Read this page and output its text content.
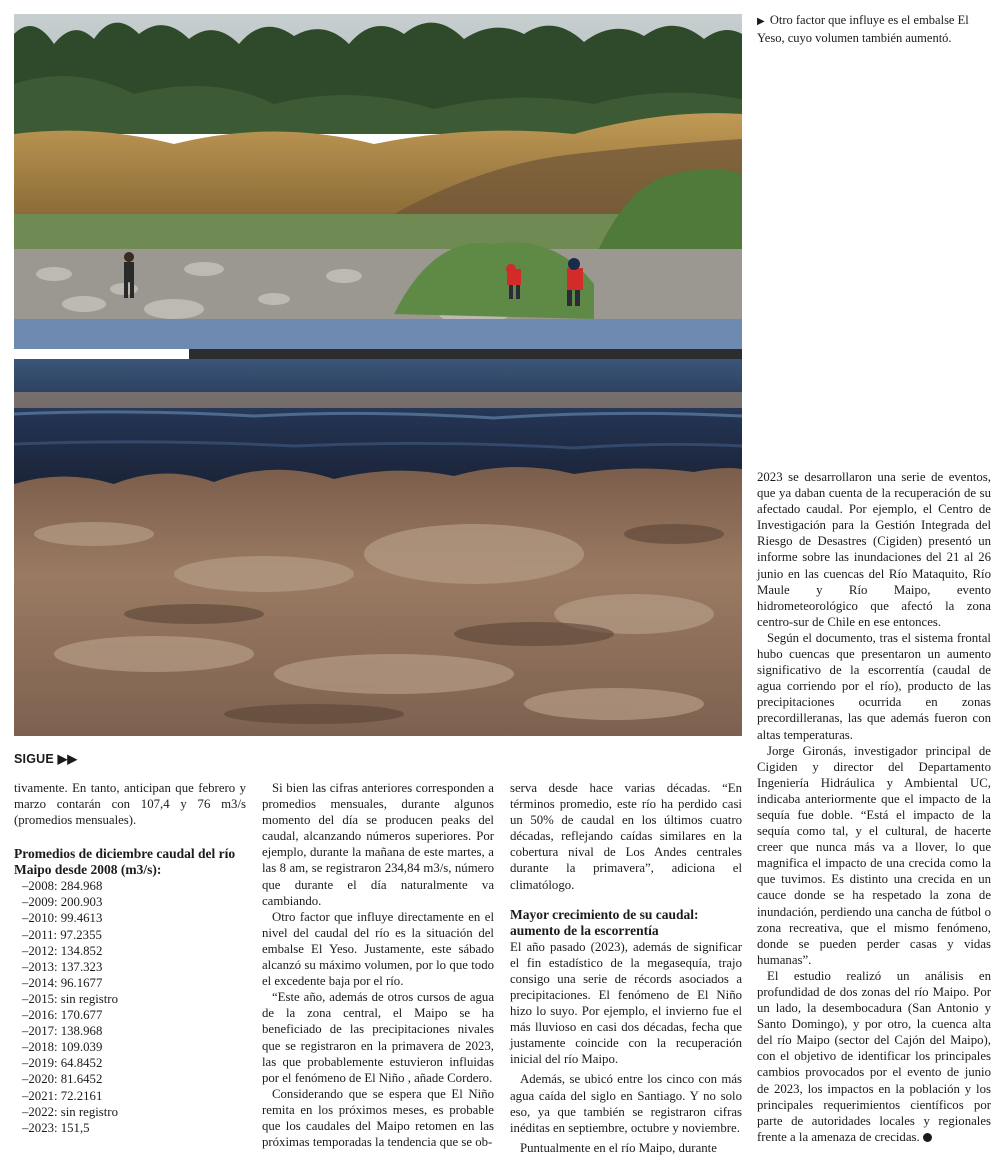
▶ Otro factor que influye es el embalse El Yeso, cuyo volumen también aumentó.
SIGUE ▶▶

tivamente. En tanto, anticipan que febrero y marzo contarán con 107,4 y 76 m3/s (promedios mensuales).

Promedios de diciembre caudal del río Maipo desde 2008 (m3/s):
–2008: 284.968
–2009: 200.903
–2010: 99.4613
–2011: 97.2355
–2012: 134.852
–2013: 137.323
–2014: 96.1677
–2015: sin registro
–2016: 170.677
–2017: 138.968
–2018: 109.039
–2019: 64.8452
–2020: 81.6452
–2021: 72.2161
–2022: sin registro
–2023: 151,5

Si bien las cifras anteriores corresponden a promedios mensuales, durante algunos momento del día se producen peaks del caudal, alcanzando números superiores. Por ejemplo, durante la mañana de este martes, a las 8 am, se registraron 234,84 m3/s, número que durante el día naturalmente va cambiando.

Otro factor que influye directamente en el nivel del caudal del río es la situación del embalse El Yeso. Justamente, este sábado alcanzó su máximo volumen, por lo que todo el excedente baja por el río.

“Este año, además de otros cursos de agua de la zona central, el Maipo se ha beneficiado de las precipitaciones nivales que se registraron en la primavera de 2023, las que probablemente estuvieron influidas por el fenómeno de El Niño , añade Cordero.

Considerando que se espera que El Niño remita en los próximos meses, es probable que los caudales del Maipo retomen en las próximas temporadas la tendencia que se ob-

serva desde hace varias décadas. “En términos promedio, este río ha perdido casi un 50% de caudal en los últimos cuatro décadas, reflejando caídas similares en la cobertura nival de Los Andes centrales durante la primavera”, adiciona el climatólogo.

Mayor crecimiento de su caudal: aumento de la escorrentía

El año pasado (2023), además de significar el fin estadístico de la megasequía, trajo consigo una serie de récords asociados a precipitaciones. El fenómeno de El Niño hizo lo suyo. Por ejemplo, el invierno fue el más lluvioso en casi dos décadas, fecha que justamente coincide con la recuperación inicial del río Maipo.

Además, se ubicó entre los cinco con más agua caída del siglo en Santiago. Y no solo eso, ya que también se registraron cifras inéditas en septiembre, octubre y noviembre.

Puntualmente en el río Maipo, durante

2023 se desarrollaron una serie de eventos, que ya daban cuenta de la recuperación de su afectado caudal. Por ejemplo, el Centro de Investigación para la Gestión Integrada del Riesgo de Desastres (Cigiden) presentó un informe sobre las inundaciones del 21 al 26 junio en las cuencas del Río Mataquito, Río Maule y Río Maipo, evento hidrometeorológico que afectó la zona centro-sur de Chile en ese entonces.

Según el documento, tras el sistema frontal hubo cuencas que presentaron un aumento significativo de la escorrentía (caudal de agua corriendo por el río), producto de las precipitaciones ocurrida en zonas precordilleranas, las que además fueron con altas temperaturas.

Jorge Gironás, investigador principal de Cigiden y director del Departamento Ingeniería Hidráulica y Ambiental UC, indicaba anteriormente que el impacto de la sequía fue doble. “Está el impacto de la sequía como tal, y el cultural, de hacerte creer que nunca más va a llover, lo que magnifica el impacto de una crecida como la que tuvimos. Es distinto una crecida en un cauce donde se ha respetado la zona de inundación, perdiendo una cancha de fútbol o zona recreativa, que el mismo fenómeno, donde se pueden perder casas y vidas humanas”.

El estudio realizó un análisis en profundidad de dos zonas del río Maipo. Por un lado, la desembocadura (San Antonio y Santo Domingo), y por otro, la cuenca alta del río Maipo (sector del Cajón del Maipo), con el objetivo de identificar los principales cambios provocados por el evento de junio de 2023, los impactos en la población y los principales requerimientos científicos por parte de autoridades locales y regionales frente a la amenaza de crecidas.
